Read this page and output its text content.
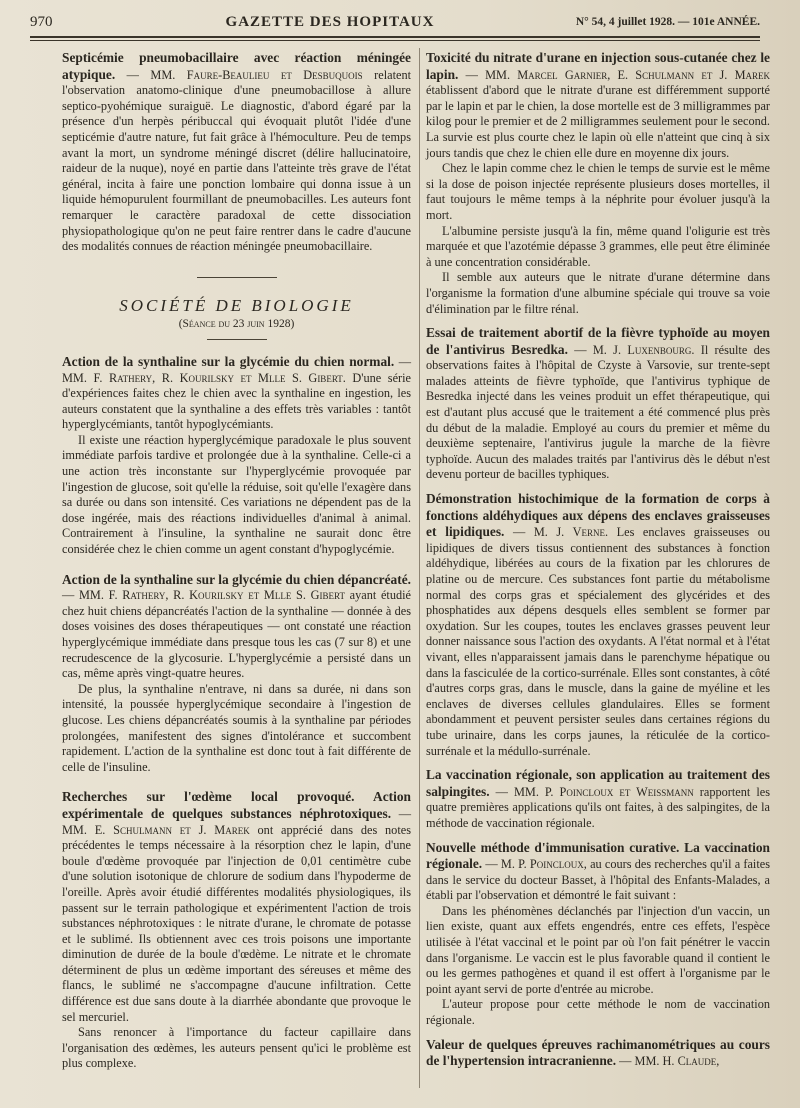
970	GAZETTE DES HOPITAUX	N° 54, 4 juillet 1928. — 101e ANNÉE.

Septicémie pneumobacillaire avec réaction méningée atypique. — MM. Faure-Beaulieu et Desbuquois relatent l'observation anatomo-clinique d'une pneumobacillose à allure septico-pyohémique suraiguë. Le diagnostic, d'abord égaré par la présence d'un herpès péribuccal qui évoquait plutôt l'idée d'une septicémie d'autre nature, fut fait grâce à l'hémoculture. Peu de temps avant la mort, un syndrome méningé discret (délire hallucinatoire, raideur de la nuque), noyé en partie dans l'atteinte très grave de l'état général, incita à faire une ponction lombaire qui donna issue à un liquide hémopurulent fourmillant de pneumobacilles. Les auteurs font remarquer le caractère paradoxal de cette dissociation physiopathologique qu'on ne peut faire rentrer dans le cadre d'aucune des modalités connues de réaction méningée pneumobacillaire.

SOCIÉTÉ DE BIOLOGIE
(Séance du 23 juin 1928)

Action de la synthaline sur la glycémie du chien normal. — MM. F. Rathery, R. Kourilsky et Mlle S. Gibert. D'une série d'expériences faites chez le chien avec la synthaline en ingestion, les auteurs constatent que la synthaline a des effets très variables : tantôt hyperglycémiants, tantôt hypoglycémiants.

Il existe une réaction hyperglycémique paradoxale le plus souvent immédiate parfois tardive et prolongée due à la synthaline. Celle-ci a une action très inconstante sur l'hyperglycémie provoquée par l'ingestion de glucose, soit qu'elle la réduise, soit qu'elle l'exagère dans sa durée ou dans son intensité. Ces variations ne dépendent pas de la dose ingérée, mais des réactions individuelles d'animal à animal. Contrairement à l'insuline, la synthaline ne saurait donc être considérée chez le chien comme un agent constant d'hypoglycémie.

Action de la synthaline sur la glycémie du chien dépancréaté. — MM. F. Rathery, R. Kourilsky et Mlle S. Gibert ayant étudié chez huit chiens dépancréatés l'action de la synthaline — donnée à des doses voisines des doses thérapeutiques — ont constaté une réaction hyperglycémique immédiate dans presque tous les cas (7 sur 8) et une recrudescence de la glycosurie. L'hyperglycémie a persisté dans un cas, même après vingt-quatre heures.

De plus, la synthaline n'entrave, ni dans sa durée, ni dans son intensité, la poussée hyperglycémique secondaire à l'ingestion de glucose. Les chiens dépancréatés soumis à la synthaline par périodes prolongées, manifestent des signes d'intolérance et succombent rapidement. L'action de la synthaline est donc tout à fait différente de celle de l'insuline.

Recherches sur l'œdème local provoqué. Action expérimentale de quelques substances néphrotoxiques. — MM. E. Schulmann et J. Marek ont apprécié dans des notes précédentes le temps nécessaire à la résorption chez le lapin, d'une boule d'œdème provoquée par l'injection de 0,01 centimètre cube d'une solution isotonique de chlorure de sodium dans l'hypoderme de l'oreille. Après avoir étudié différentes modalités physiologiques, ils passent sur le terrain pathologique et expérimentent l'action de trois substances néphrotoxiques : le nitrate d'urane, le chromate de potasse et le sublimé. Ils obtiennent avec ces trois poisons une importante diminution de durée de la boule d'œdème. Le nitrate et le chromate déterminent de plus un œdème important des séreuses et même des flancs, le sublimé ne s'accompagne d'aucune infiltration. Cette différence est due sans doute à la diarrhée abondante que provoque le sel mercuriel.

Sans renoncer à l'importance du facteur capillaire dans l'organisation des œdèmes, les auteurs pensent qu'ici le problème est plus complexe.

Toxicité du nitrate d'urane en injection sous-cutanée chez le lapin. — MM. Marcel Garnier, E. Schulmann et J. Marek établissent d'abord que le nitrate d'urane est différemment supporté par le lapin et par le chien, la dose mortelle est de 3 milligrammes par kilog pour le premier et de 2 milligrammes seulement pour le second. La survie est plus courte chez le lapin où elle n'atteint que cinq à six jours tandis que chez le chien elle dure en moyenne dix jours.

Chez le lapin comme chez le chien le temps de survie est le même si la dose de poison injectée représente plusieurs doses mortelles, il faut toujours le même temps à la néphrite pour évoluer jusqu'à la mort.

L'albumine persiste jusqu'à la fin, même quand l'oligurie est très marquée et que l'azotémie dépasse 3 grammes, elle peut être éliminée à une concentration considérable.

Il semble aux auteurs que le nitrate d'urane détermine dans l'organisme la formation d'une albumine spéciale qui trouve sa voie d'élimination par le filtre rénal.

Essai de traitement abortif de la fièvre typhoïde au moyen de l'antivirus Besredka. — M. J. Luxenbourg. Il résulte des observations faites à l'hôpital de Czyste à Varsovie, sur trente-sept malades atteints de fièvre typhoïde, que l'antivirus typhique de Besredka injecté dans les veines produit un effet thérapeutique, qui est d'autant plus accusé que le traitement a été commencé plus près du début de la maladie. Employé au cours du premier et même du deuxième septenaire, l'antivirus jugule la marche de la fièvre typhoïde. Aucun des malades traités par l'antivirus dès le début n'est devenu porteur de bacilles typhiques.

Démonstration histochimique de la formation de corps à fonctions aldéhydiques aux dépens des enclaves graisseuses et lipidiques. — M. J. Verne. Les enclaves graisseuses ou lipidiques de divers tissus contiennent des substances à fonction aldéhydique, libérées au cours de la fixation par les chlorures de platine ou de mercure. Ces substances font partie du métabolisme normal des corps gras et spécialement des glycérides et des phosphatides aux dépens desquels elles semblent se former par oxydation. Sur les coupes, toutes les enclaves grasses peuvent leur donner naissance sous l'action des oxydants. A l'état normal et à l'état vivant, elles n'apparaissent jamais dans le parenchyme hépatique ou dans la fasciculée de la cortico-surrénale. Elles sont constantes, à côté d'autres corps gras, dans le muscle, dans la gaine de myéline et les enclaves de diverses cellules glandulaires. Elles se forment abondamment et peuvent persister seules dans certaines régions du tube urinaire, dans les corps jaunes, la réticulée de la cortico-surrénale et la médullo-surrénale.

La vaccination régionale, son application au traitement des salpingites. — MM. P. Poincloux et Weissmann rapportent les quatre premières applications qu'ils ont faites, à des salpingites, de la méthode de vaccination régionale.

Nouvelle méthode d'immunisation curative. La vaccination régionale. — M. P. Poincloux, au cours des recherches qu'il a faites dans le service du docteur Basset, à l'hôpital des Enfants-Malades, a établi par l'observation et démontré le fait suivant :

Dans les phénomènes déclanchés par l'injection d'un vaccin, un lien existe, quant aux effets engendrés, entre ces effets, l'espèce utilisée à l'état vaccinal et le point par où l'on fait pénétrer le vaccin dans l'organisme. Le vaccin est le plus favorable quand il contient le ou les germes pathogènes et quand il est offert à l'organisme par le point ayant servi de porte d'entrée au microbe.

L'auteur propose pour cette méthode le nom de vaccination régionale.

Valeur de quelques épreuves rachimanométriques au cours de l'hypertension intracranienne. — MM. H. Claude,
